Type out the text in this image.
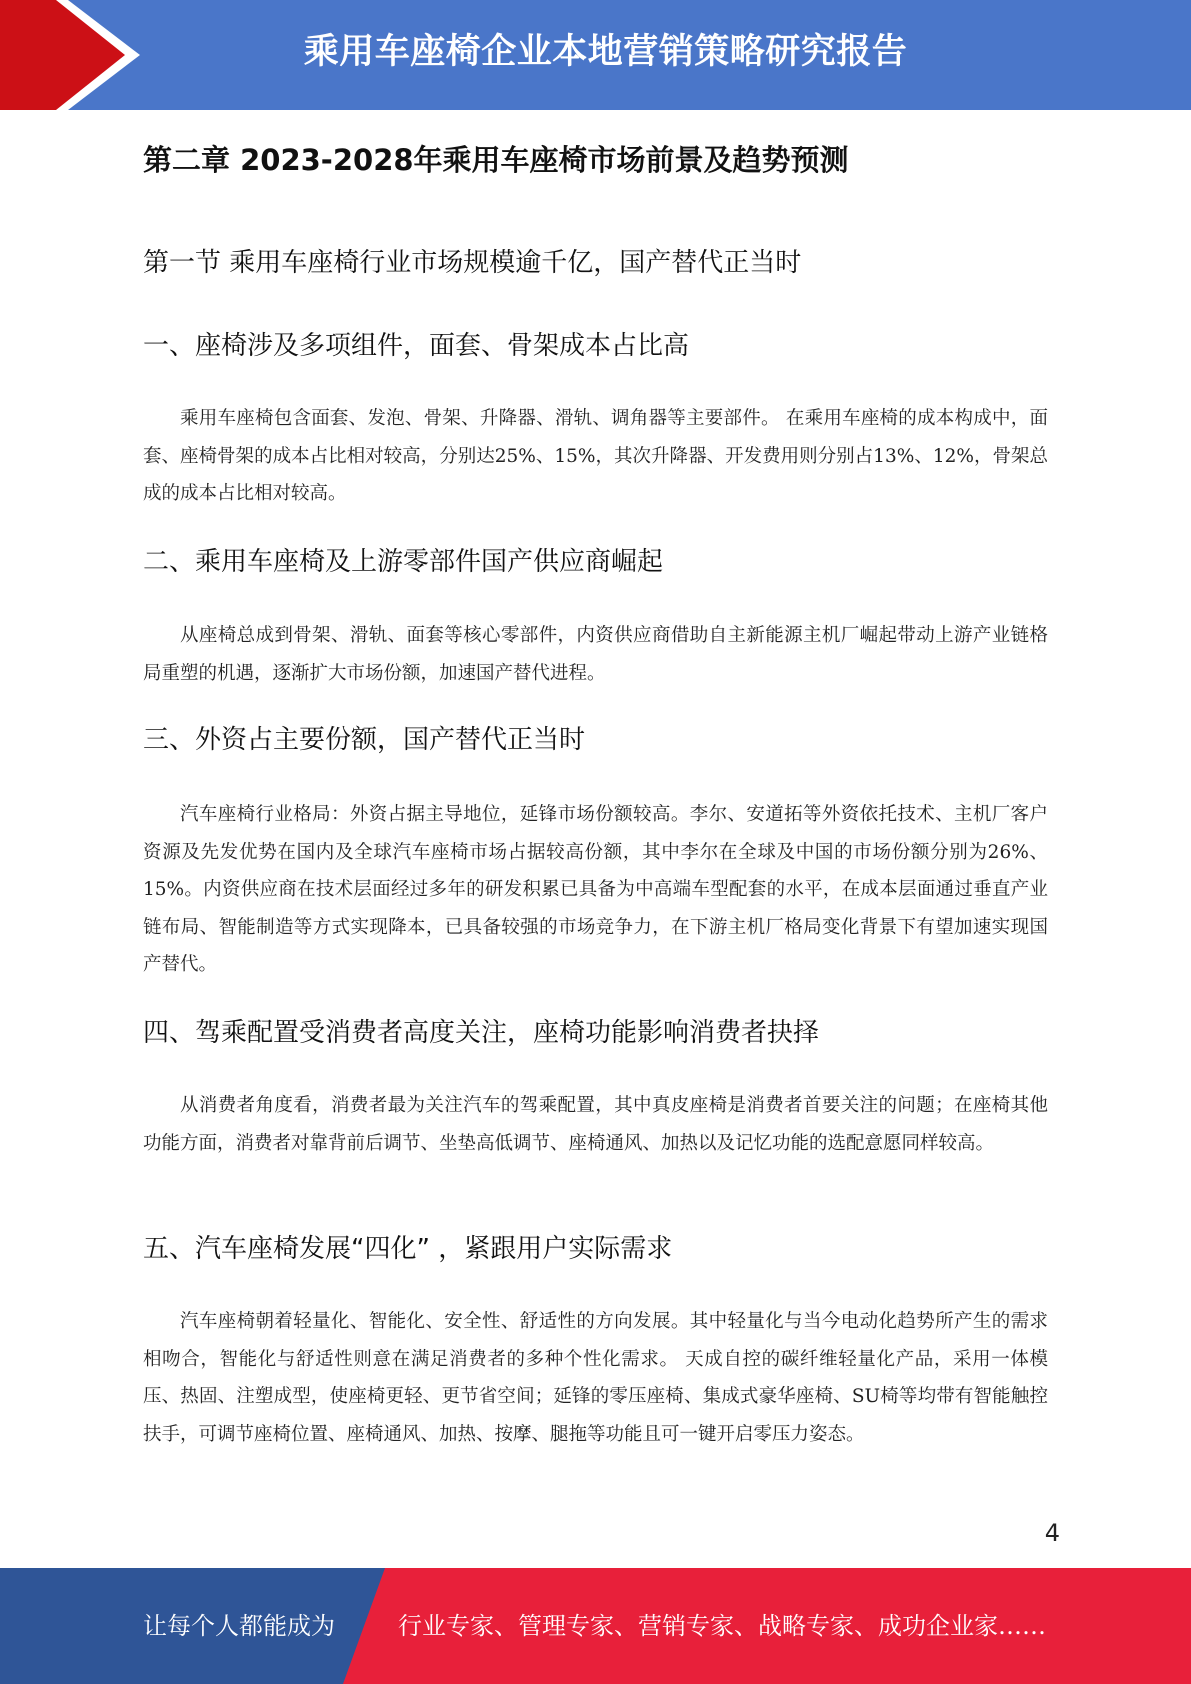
乘用车座椅企业本地营销策略研究报告
第二章 2023-2028年乘用车座椅市场前景及趋势预测
第一节 乘用车座椅行业市场规模逾千亿，国产替代正当时
一、座椅涉及多项组件，面套、骨架成本占比高

乘用车座椅包含面套、发泡、骨架、升降器、滑轨、调角器等主要部件。 在乘用车座椅的成本构成中，面套、座椅骨架的成本占比相对较高，分别达25%、15%，其次升降器、开发费用则分别占13%、12%，骨架总成的成本占比相对较高。

二、乘用车座椅及上游零部件国产供应商崛起

从座椅总成到骨架、滑轨、面套等核心零部件，内资供应商借助自主新能源主机厂崛起带动上游产业链格局重塑的机遇，逐渐扩大市场份额，加速国产替代进程。

三、外资占主要份额，国产替代正当时

汽车座椅行业格局：外资占据主导地位，延锋市场份额较高。李尔、安道拓等外资依托技术、主机厂客户资源及先发优势在国内及全球汽车座椅市场占据较高份额，其中李尔在全球及中国的市场份额分别为26%、15%。内资供应商在技术层面经过多年的研发积累已具备为中高端车型配套的水平，在成本层面通过垂直产业链布局、智能制造等方式实现降本，已具备较强的市场竞争力，在下游主机厂格局变化背景下有望加速实现国产替代。

四、驾乘配置受消费者高度关注，座椅功能影响消费者抉择

从消费者角度看，消费者最为关注汽车的驾乘配置，其中真皮座椅是消费者首要关注的问题；在座椅其他功能方面，消费者对靠背前后调节、坐垫高低调节、座椅通风、加热以及记忆功能的选配意愿同样较高。

五、汽车座椅发展“四化” ，紧跟用户实际需求

汽车座椅朝着轻量化、智能化、安全性、舒适性的方向发展。其中轻量化与当今电动化趋势所产生的需求相吻合，智能化与舒适性则意在满足消费者的多种个性化需求。 天成自控的碳纤维轻量化产品，采用一体模压、热固、注塑成型，使座椅更轻、更节省空间；延锋的零压座椅、集成式豪华座椅、SU椅等均带有智能触控扶手，可调节座椅位置、座椅通风、加热、按摩、腿拖等功能且可一键开启零压力姿态。

4
让每个人都能成为	行业专家、管理专家、营销专家、战略专家、成功企业家……
